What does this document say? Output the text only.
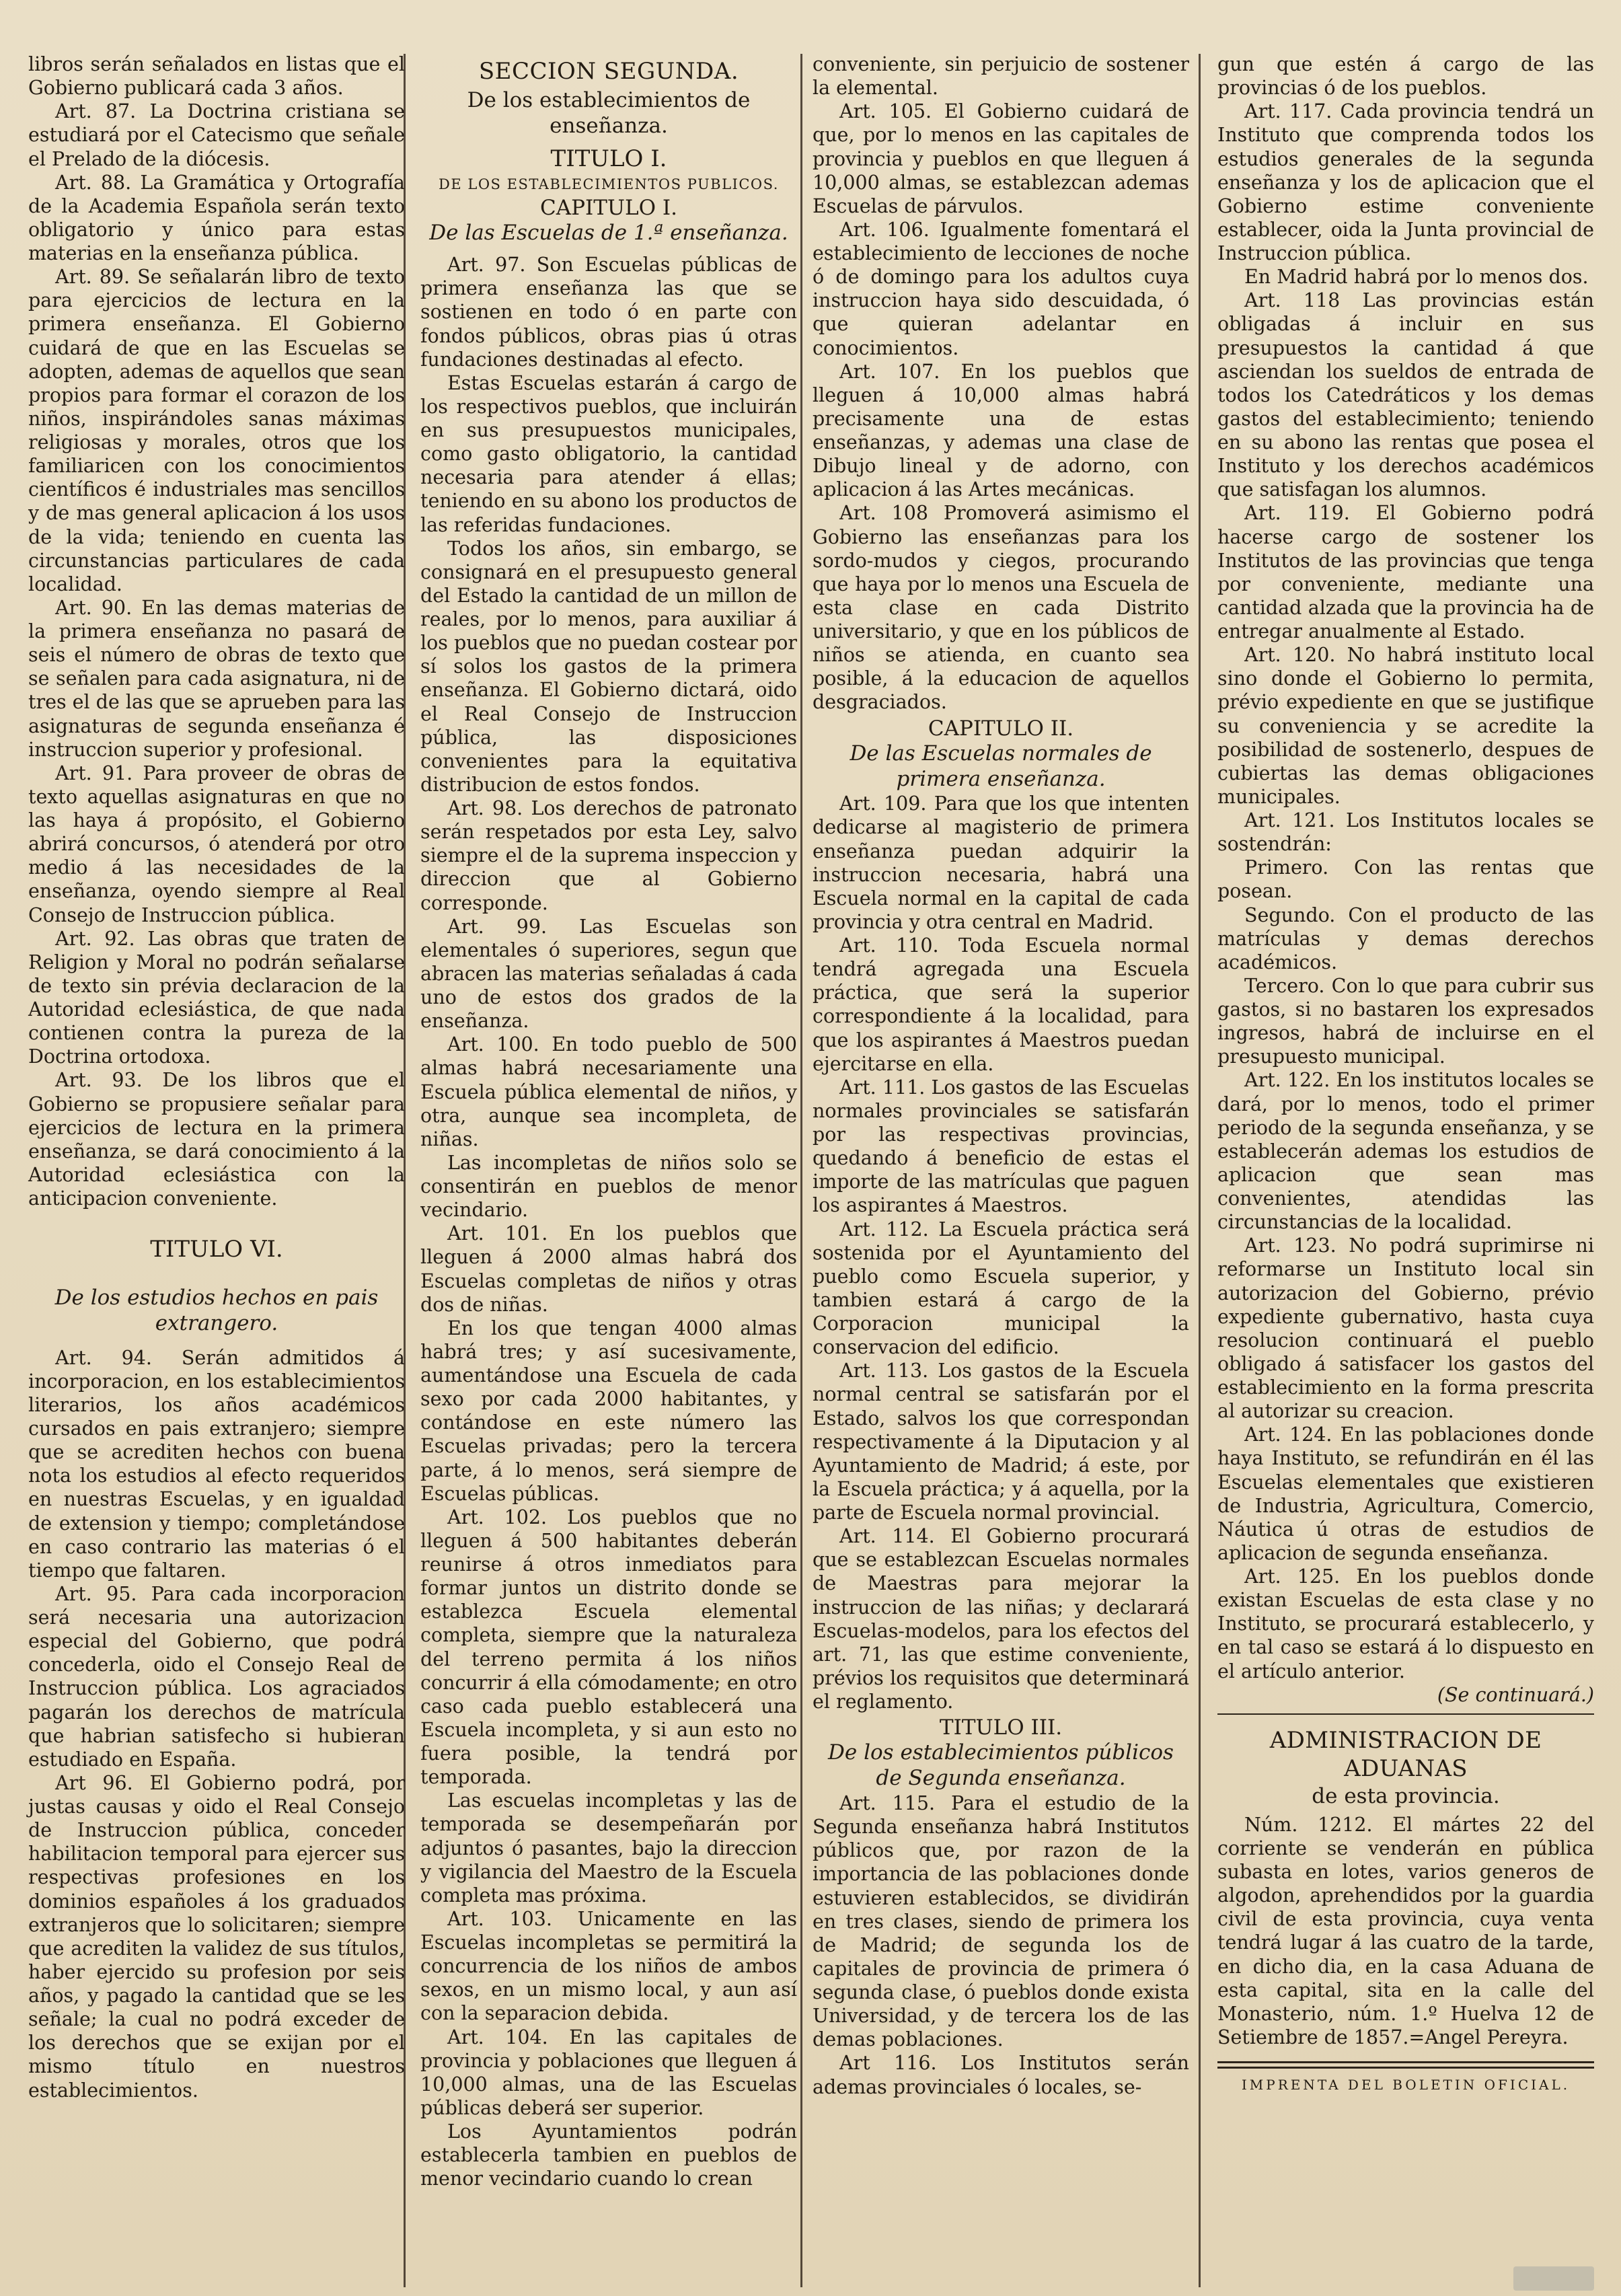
libros serán señalados en listas que el Gobierno publicará cada 3 años.

Art. 87. La Doctrina cristiana se estudiará por el Catecismo que señale el Prelado de la diócesis.

Art. 88. La Gramática y Ortografía de la Academia Española serán texto obligatorio y único para estas materias en la enseñanza pública.

Art. 89. Se señalarán libro de texto para ejercicios de lectura en la primera enseñanza. El Gobierno cuidará de que en las Escuelas se adopten, ademas de aquellos que sean propios para formar el corazon de los niños, inspirándoles sanas máximas religiosas y morales, otros que los familiaricen con los conocimientos científicos é industriales mas sencillos y de mas general aplicacion á los usos de la vida; teniendo en cuenta las circunstancias particulares de cada localidad.

Art. 90. En las demas materias de la primera enseñanza no pasará de seis el número de obras de texto que se señalen para cada asignatura, ni de tres el de las que se aprueben para las asignaturas de segunda enseñanza é instruccion superior y profesional.

Art. 91. Para proveer de obras de texto aquellas asignaturas en que no las haya á propósito, el Gobierno abrirá concursos, ó atenderá por otro medio á las necesidades de la enseñanza, oyendo siempre al Real Consejo de Instruccion pública.

Art. 92. Las obras que traten de Religion y Moral no podrán señalarse de texto sin prévia declaracion de la Autoridad eclesiástica, de que nada contienen contra la pureza de la Doctrina ortodoxa.

Art. 93. De los libros que el Gobierno se propusiere señalar para ejercicios de lectura en la primera enseñanza, se dará conocimiento á la Autoridad eclesiástica con la anticipacion conveniente.

TITULO VI.
De los estudios hechos en pais extrangero.

Art. 94. Serán admitidos á incorporacion, en los establecimientos literarios, los años académicos cursados en pais extranjero; siempre que se acrediten hechos con buena nota los estudios al efecto requeridos en nuestras Escuelas, y en igualdad de extension y tiempo; completándose en caso contrario las materias ó el tiempo que faltaren.

Art. 95. Para cada incorporacion será necesaria una autorizacion especial del Gobierno, que podrá concederla, oido el Consejo Real de Instruccion pública. Los agraciados pagarán los derechos de matrícula que habrian satisfecho si hubieran estudiado en España.

Art 96. El Gobierno podrá, por justas causas y oido el Real Consejo de Instruccion pública, conceder habilitacion temporal para ejercer sus respectivas profesiones en los dominios españoles á los graduados extranjeros que lo solicitaren; siempre que acrediten la validez de sus títulos, haber ejercido su profesion por seis años, y pagado la cantidad que se les señale; la cual no podrá exceder de los derechos que se exijan por el mismo título en nuestros establecimientos.

SECCION SEGUNDA.
De los establecimientos de enseñanza.
TITULO I.
DE LOS ESTABLECIMIENTOS PUBLICOS.
CAPITULO I.
De las Escuelas de 1.ª enseñanza.

Art. 97. Son Escuelas públicas de primera enseñanza las que se sostienen en todo ó en parte con fondos públicos, obras pias ú otras fundaciones destinadas al efecto.

Estas Escuelas estarán á cargo de los respectivos pueblos, que incluirán en sus presupuestos municipales, como gasto obligatorio, la cantidad necesaria para atender á ellas; teniendo en su abono los productos de las referidas fundaciones.

Todos los años, sin embargo, se consignará en el presupuesto general del Estado la cantidad de un millon de reales, por lo menos, para auxiliar á los pueblos que no puedan costear por sí solos los gastos de la primera enseñanza. El Gobierno dictará, oido el Real Consejo de Instruccion pública, las disposiciones convenientes para la equitativa distribucion de estos fondos.

Art. 98. Los derechos de patronato serán respetados por esta Ley, salvo siempre el de la suprema inspeccion y direccion que al Gobierno corresponde.

Art. 99. Las Escuelas son elementales ó superiores, segun que abracen las materias señaladas á cada uno de estos dos grados de la enseñanza.

Art. 100. En todo pueblo de 500 almas habrá necesariamente una Escuela pública elemental de niños, y otra, aunque sea incompleta, de niñas.

Las incompletas de niños solo se consentirán en pueblos de menor vecindario.

Art. 101. En los pueblos que lleguen á 2000 almas habrá dos Escuelas completas de niños y otras dos de niñas.

En los que tengan 4000 almas habrá tres; y así sucesivamente, aumentándose una Escuela de cada sexo por cada 2000 habitantes, y contándose en este número las Escuelas privadas; pero la tercera parte, á lo menos, será siempre de Escuelas públicas.

Art. 102. Los pueblos que no lleguen á 500 habitantes deberán reunirse á otros inmediatos para formar juntos un distrito donde se establezca Escuela elemental completa, siempre que la naturaleza del terreno permita á los niños concurrir á ella cómodamente; en otro caso cada pueblo establecerá una Escuela incompleta, y si aun esto no fuera posible, la tendrá por temporada.

Las escuelas incompletas y las de temporada se desempeñarán por adjuntos ó pasantes, bajo la direccion y vigilancia del Maestro de la Escuela completa mas próxima.

Art. 103. Unicamente en las Escuelas incompletas se permitirá la concurrencia de los niños de ambos sexos, en un mismo local, y aun así con la separacion debida.

Art. 104. En las capitales de provincia y poblaciones que lleguen á 10,000 almas, una de las Escuelas públicas deberá ser superior.

Los Ayuntamientos podrán establecerla tambien en pueblos de menor vecindario cuando lo crean

conveniente, sin perjuicio de sostener la elemental.

Art. 105. El Gobierno cuidará de que, por lo menos en las capitales de provincia y pueblos en que lleguen á 10,000 almas, se establezcan ademas Escuelas de párvulos.

Art. 106. Igualmente fomentará el establecimiento de lecciones de noche ó de domingo para los adultos cuya instruccion haya sido descuidada, ó que quieran adelantar en conocimientos.

Art. 107. En los pueblos que lleguen á 10,000 almas habrá precisamente una de estas enseñanzas, y ademas una clase de Dibujo lineal y de adorno, con aplicacion á las Artes mecánicas.

Art. 108 Promoverá asimismo el Gobierno las enseñanzas para los sordo-mudos y ciegos, procurando que haya por lo menos una Escuela de esta clase en cada Distrito universitario, y que en los públicos de niños se atienda, en cuanto sea posible, á la educacion de aquellos desgraciados.

CAPITULO II.
De las Escuelas normales de primera enseñanza.

Art. 109. Para que los que intenten dedicarse al magisterio de primera enseñanza puedan adquirir la instruccion necesaria, habrá una Escuela normal en la capital de cada provincia y otra central en Madrid.

Art. 110. Toda Escuela normal tendrá agregada una Escuela práctica, que será la superior correspondiente á la localidad, para que los aspirantes á Maestros puedan ejercitarse en ella.

Art. 111. Los gastos de las Escuelas normales provinciales se satisfarán por las respectivas provincias, quedando á beneficio de estas el importe de las matrículas que paguen los aspirantes á Maestros.

Art. 112. La Escuela práctica será sostenida por el Ayuntamiento del pueblo como Escuela superior, y tambien estará á cargo de la Corporacion municipal la conservacion del edificio.

Art. 113. Los gastos de la Escuela normal central se satisfarán por el Estado, salvos los que correspondan respectivamente á la Diputacion y al Ayuntamiento de Madrid; á este, por la Escuela práctica; y á aquella, por la parte de Escuela normal provincial.

Art. 114. El Gobierno procurará que se establezcan Escuelas normales de Maestras para mejorar la instruccion de las niñas; y declarará Escuelas-modelos, para los efectos del art. 71, las que estime conveniente, prévios los requisitos que determinará el reglamento.

TITULO III.
De los establecimientos públicos de Segunda enseñanza.

Art. 115. Para el estudio de la Segunda enseñanza habrá Institutos públicos que, por razon de la importancia de las poblaciones donde estuvieren establecidos, se dividirán en tres clases, siendo de primera los de Madrid; de segunda los de capitales de provincia de primera ó segunda clase, ó pueblos donde exista Universidad, y de tercera los de las demas poblaciones.

Art 116. Los Institutos serán ademas provinciales ó locales, se-

gun que estén á cargo de las provincias ó de los pueblos.

Art. 117. Cada provincia tendrá un Instituto que comprenda todos los estudios generales de la segunda enseñanza y los de aplicacion que el Gobierno estime conveniente establecer, oida la Junta provincial de Instruccion pública.

En Madrid habrá por lo menos dos.

Art. 118 Las provincias están obligadas á incluir en sus presupuestos la cantidad á que asciendan los sueldos de entrada de todos los Catedráticos y los demas gastos del establecimiento; teniendo en su abono las rentas que posea el Instituto y los derechos académicos que satisfagan los alumnos.

Art. 119. El Gobierno podrá hacerse cargo de sostener los Institutos de las provincias que tenga por conveniente, mediante una cantidad alzada que la provincia ha de entregar anualmente al Estado.

Art. 120. No habrá instituto local sino donde el Gobierno lo permita, prévio expediente en que se justifique su conveniencia y se acredite la posibilidad de sostenerlo, despues de cubiertas las demas obligaciones municipales.

Art. 121. Los Institutos locales se sostendrán:

Primero. Con las rentas que posean.

Segundo. Con el producto de las matrículas y demas derechos académicos.

Tercero. Con lo que para cubrir sus gastos, si no bastaren los expresados ingresos, habrá de incluirse en el presupuesto municipal.

Art. 122. En los institutos locales se dará, por lo menos, todo el primer periodo de la segunda enseñanza, y se establecerán ademas los estudios de aplicacion que sean mas convenientes, atendidas las circunstancias de la localidad.

Art. 123. No podrá suprimirse ni reformarse un Instituto local sin autorizacion del Gobierno, prévio expediente gubernativo, hasta cuya resolucion continuará el pueblo obligado á satisfacer los gastos del establecimiento en la forma prescrita al autorizar su creacion.

Art. 124. En las poblaciones donde haya Instituto, se refundirán en él las Escuelas elementales que existieren de Industria, Agricultura, Comercio, Náutica ú otras de estudios de aplicacion de segunda enseñanza.

Art. 125. En los pueblos donde existan Escuelas de esta clase y no Instituto, se procurará establecerlo, y en tal caso se estará á lo dispuesto en el artículo anterior.

(Se continuará.)
ADMINISTRACION DE ADUANAS
de esta provincia.

Núm. 1212. El mártes 22 del corriente se venderán en pública subasta en lotes, varios generos de algodon, aprehendidos por la guardia civil de esta provincia, cuya venta tendrá lugar á las cuatro de la tarde, en dicho dia, en la casa Aduana de esta capital, sita en la calle del Monasterio, núm. 1.º Huelva 12 de Setiembre de 1857.=Angel Pereyra.

IMPRENTA DEL BOLETIN OFICIAL.
